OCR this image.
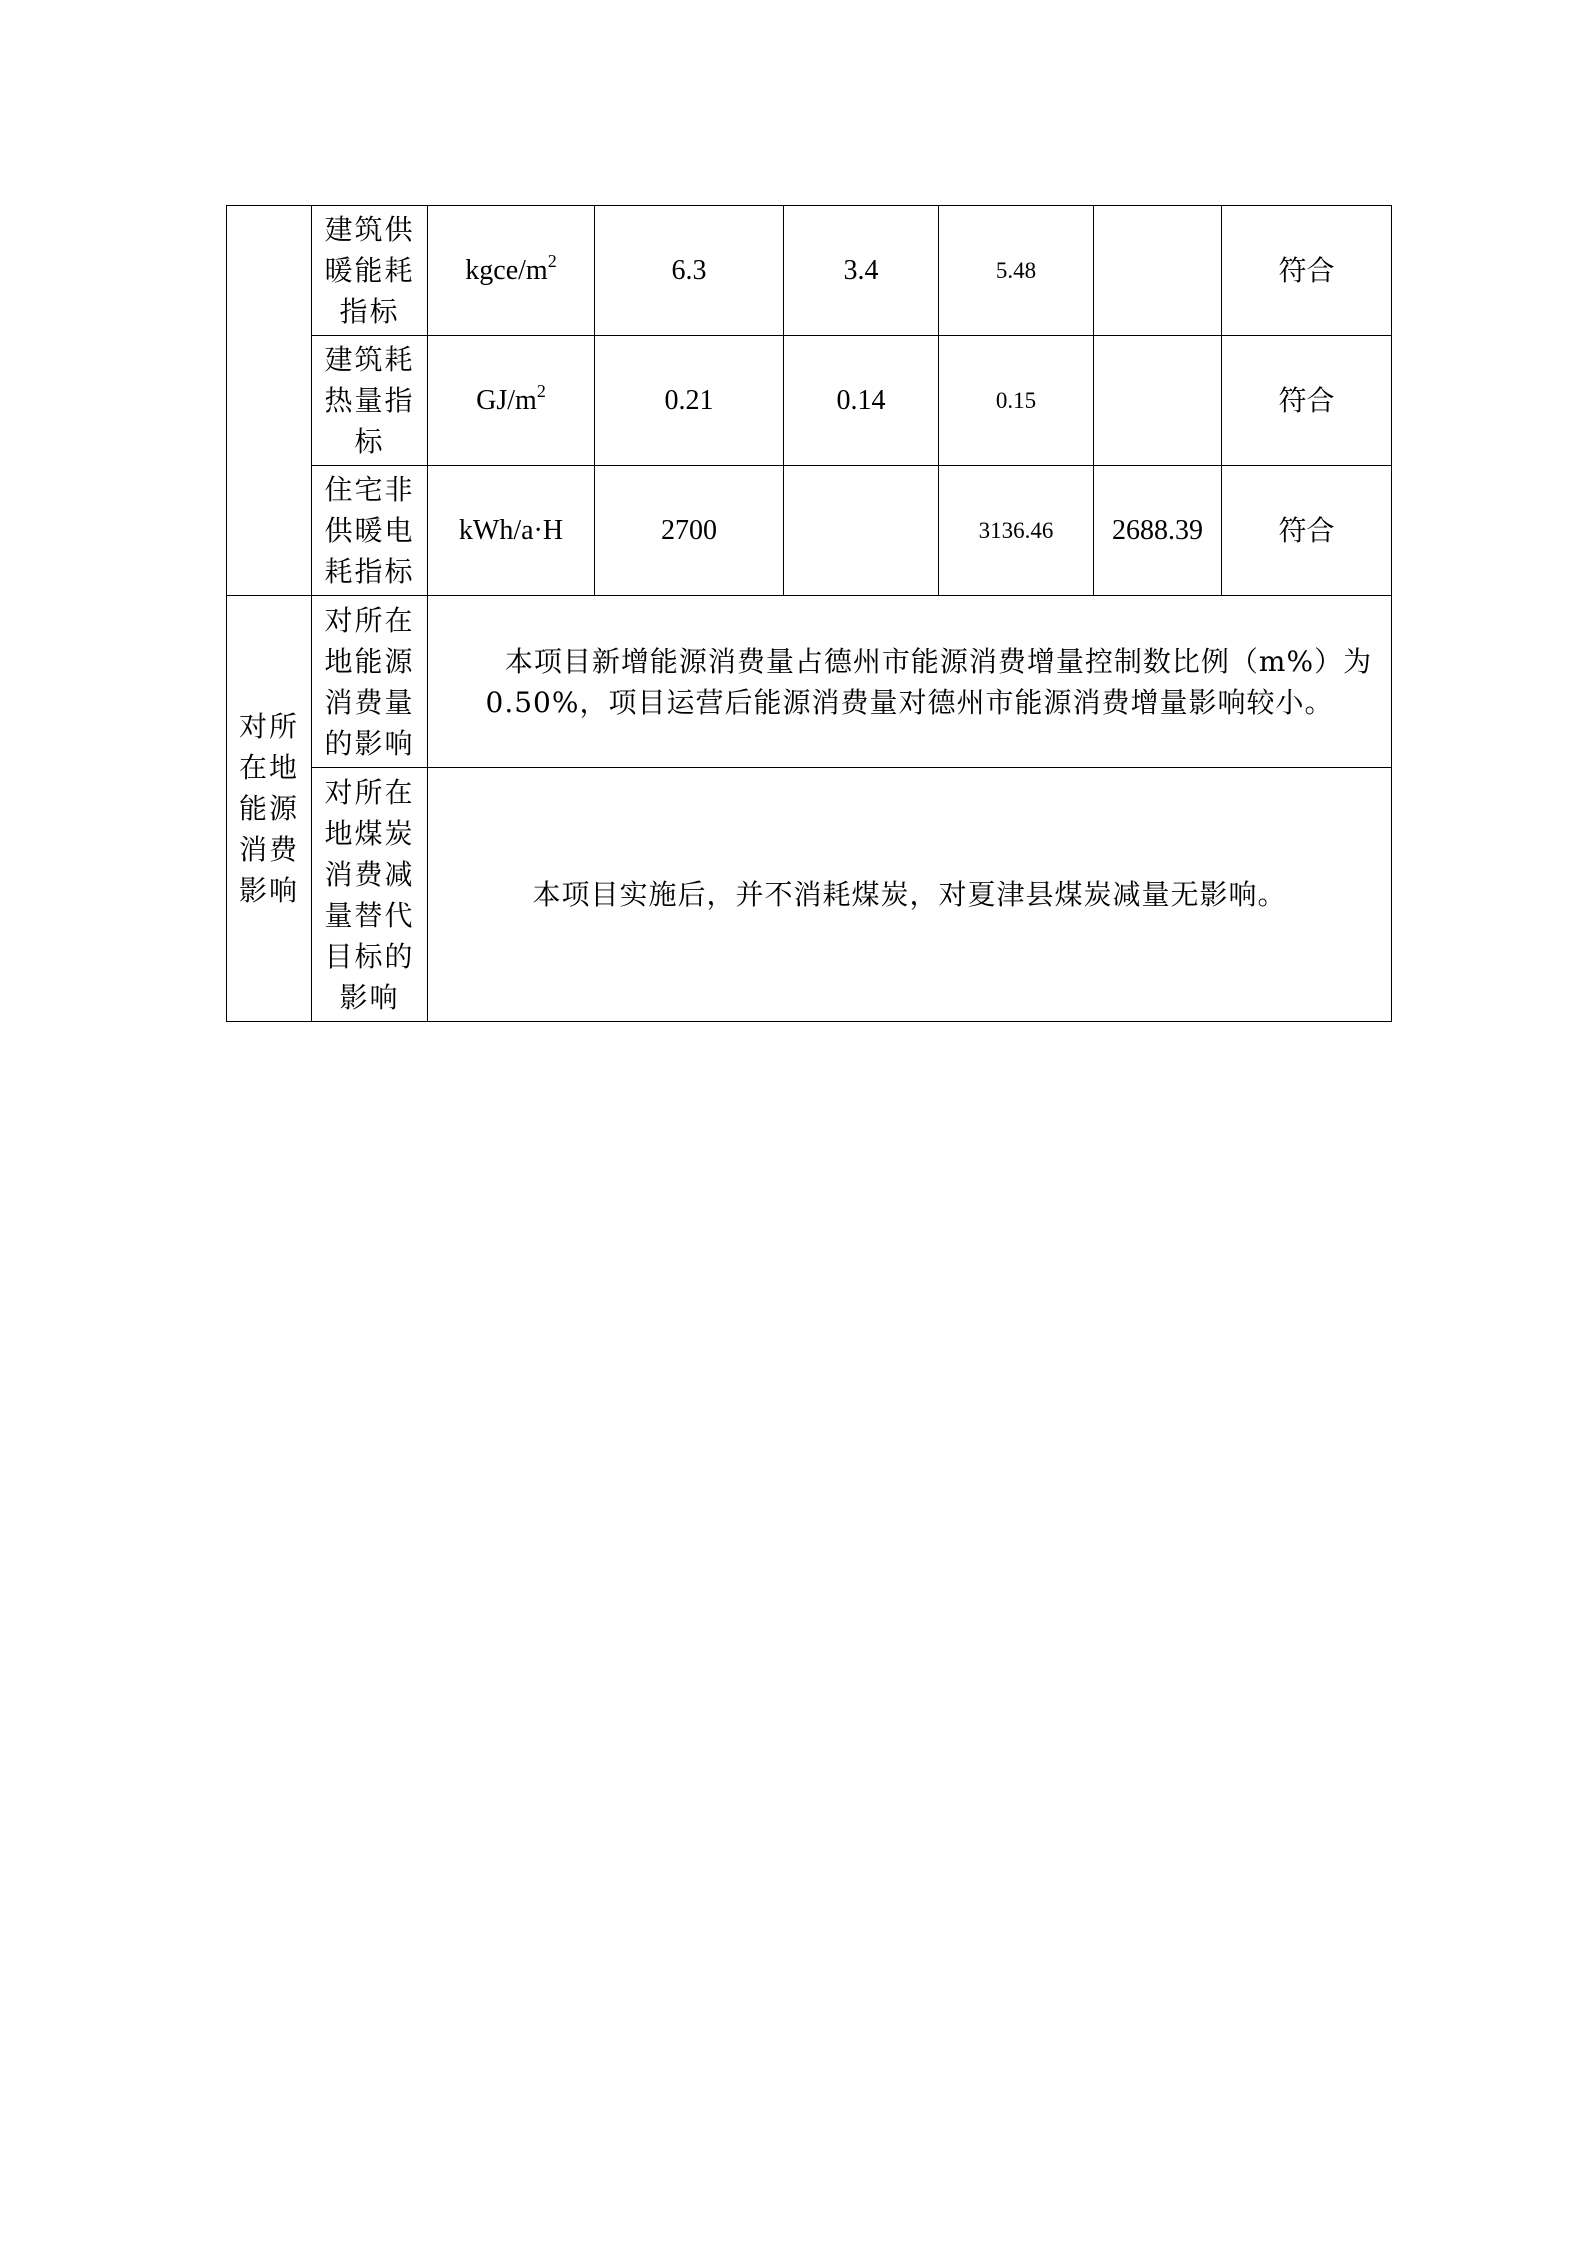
	建筑供暖能耗指标	kgce/$m^2$	6.3	3.4	5.48		符合
	建筑耗热量指标	$GJ/m^2$	0.21	0.14	0.15		符合
	住宅非供暖电耗指标	kWh/a·H	2700		3136.46	2688.39	符合
对所在地能源消费影响	对所在地能源消费量的影响	本项目新增能源消费量占德州市能源消费增量控制数比例（m%）为 0.50%，项目运营后能源消费量对德州市能源消费增量影响较小。					
	对所在地煤炭消费减量替代目标的影响	本项目实施后，并不消耗煤炭，对夏津县煤炭减量无影响。					
